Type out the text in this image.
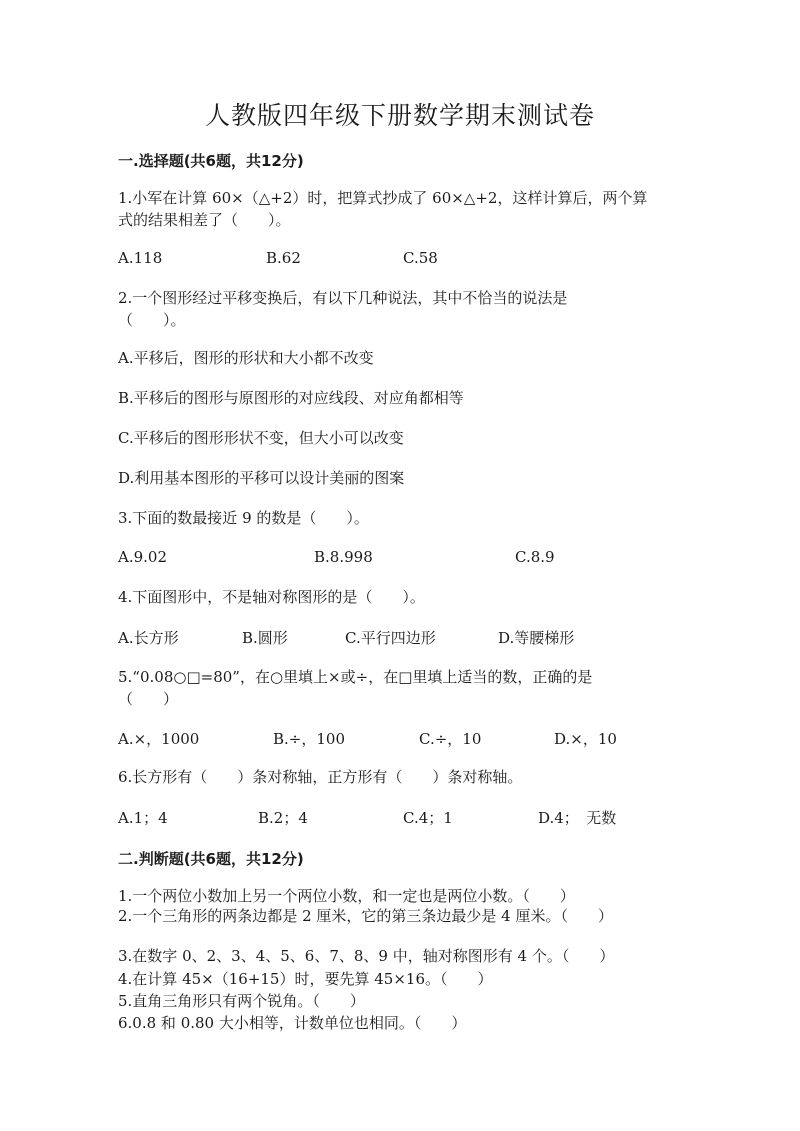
人教版四年级下册数学期末测试卷
一.选择题(共6题，共12分)
1.小军在计算 60×（△+2）时，把算式抄成了 60×△+2，这样计算后，两个算
式的结果相差了（　　）。
A.118	B.62	C.58
2.一个图形经过平移变换后，有以下几种说法，其中不恰当的说法是
（　　）。
A.平移后，图形的形状和大小都不改变
B.平移后的图形与原图形的对应线段、对应角都相等
C.平移后的图形形状不变，但大小可以改变
D.利用基本图形的平移可以设计美丽的图案
3.下面的数最接近 9 的数是（　　）。
A.9.02	B.8.998	C.8.9
4.下面图形中，不是轴对称图形的是（　　）。
A.长方形	B.圆形	C.平行四边形	D.等腰梯形
5.“0.08○□=80”，在○里填上×或÷，在□里填上适当的数，正确的是
（　　）
A.×，1000	B.÷，100	C.÷，10	D.×，10
6.长方形有（　　）条对称轴，正方形有（　　）条对称轴。
A.1；4	B.2；4	C.4；1	D.4；　无数
二.判断题(共6题，共12分)
1.一个两位小数加上另一个两位小数，和一定也是两位小数。（　　）
2.一个三角形的两条边都是 2 厘米，它的第三条边最少是 4 厘米。（　　）
3.在数字 0、2、3、4、5、6、7、8、9 中，轴对称图形有 4 个。（　　）
4.在计算 45×（16+15）时，要先算 45×16。（　　）
5.直角三角形只有两个锐角。（　　）
6.0.8 和 0.80 大小相等，计数单位也相同。（　　）
